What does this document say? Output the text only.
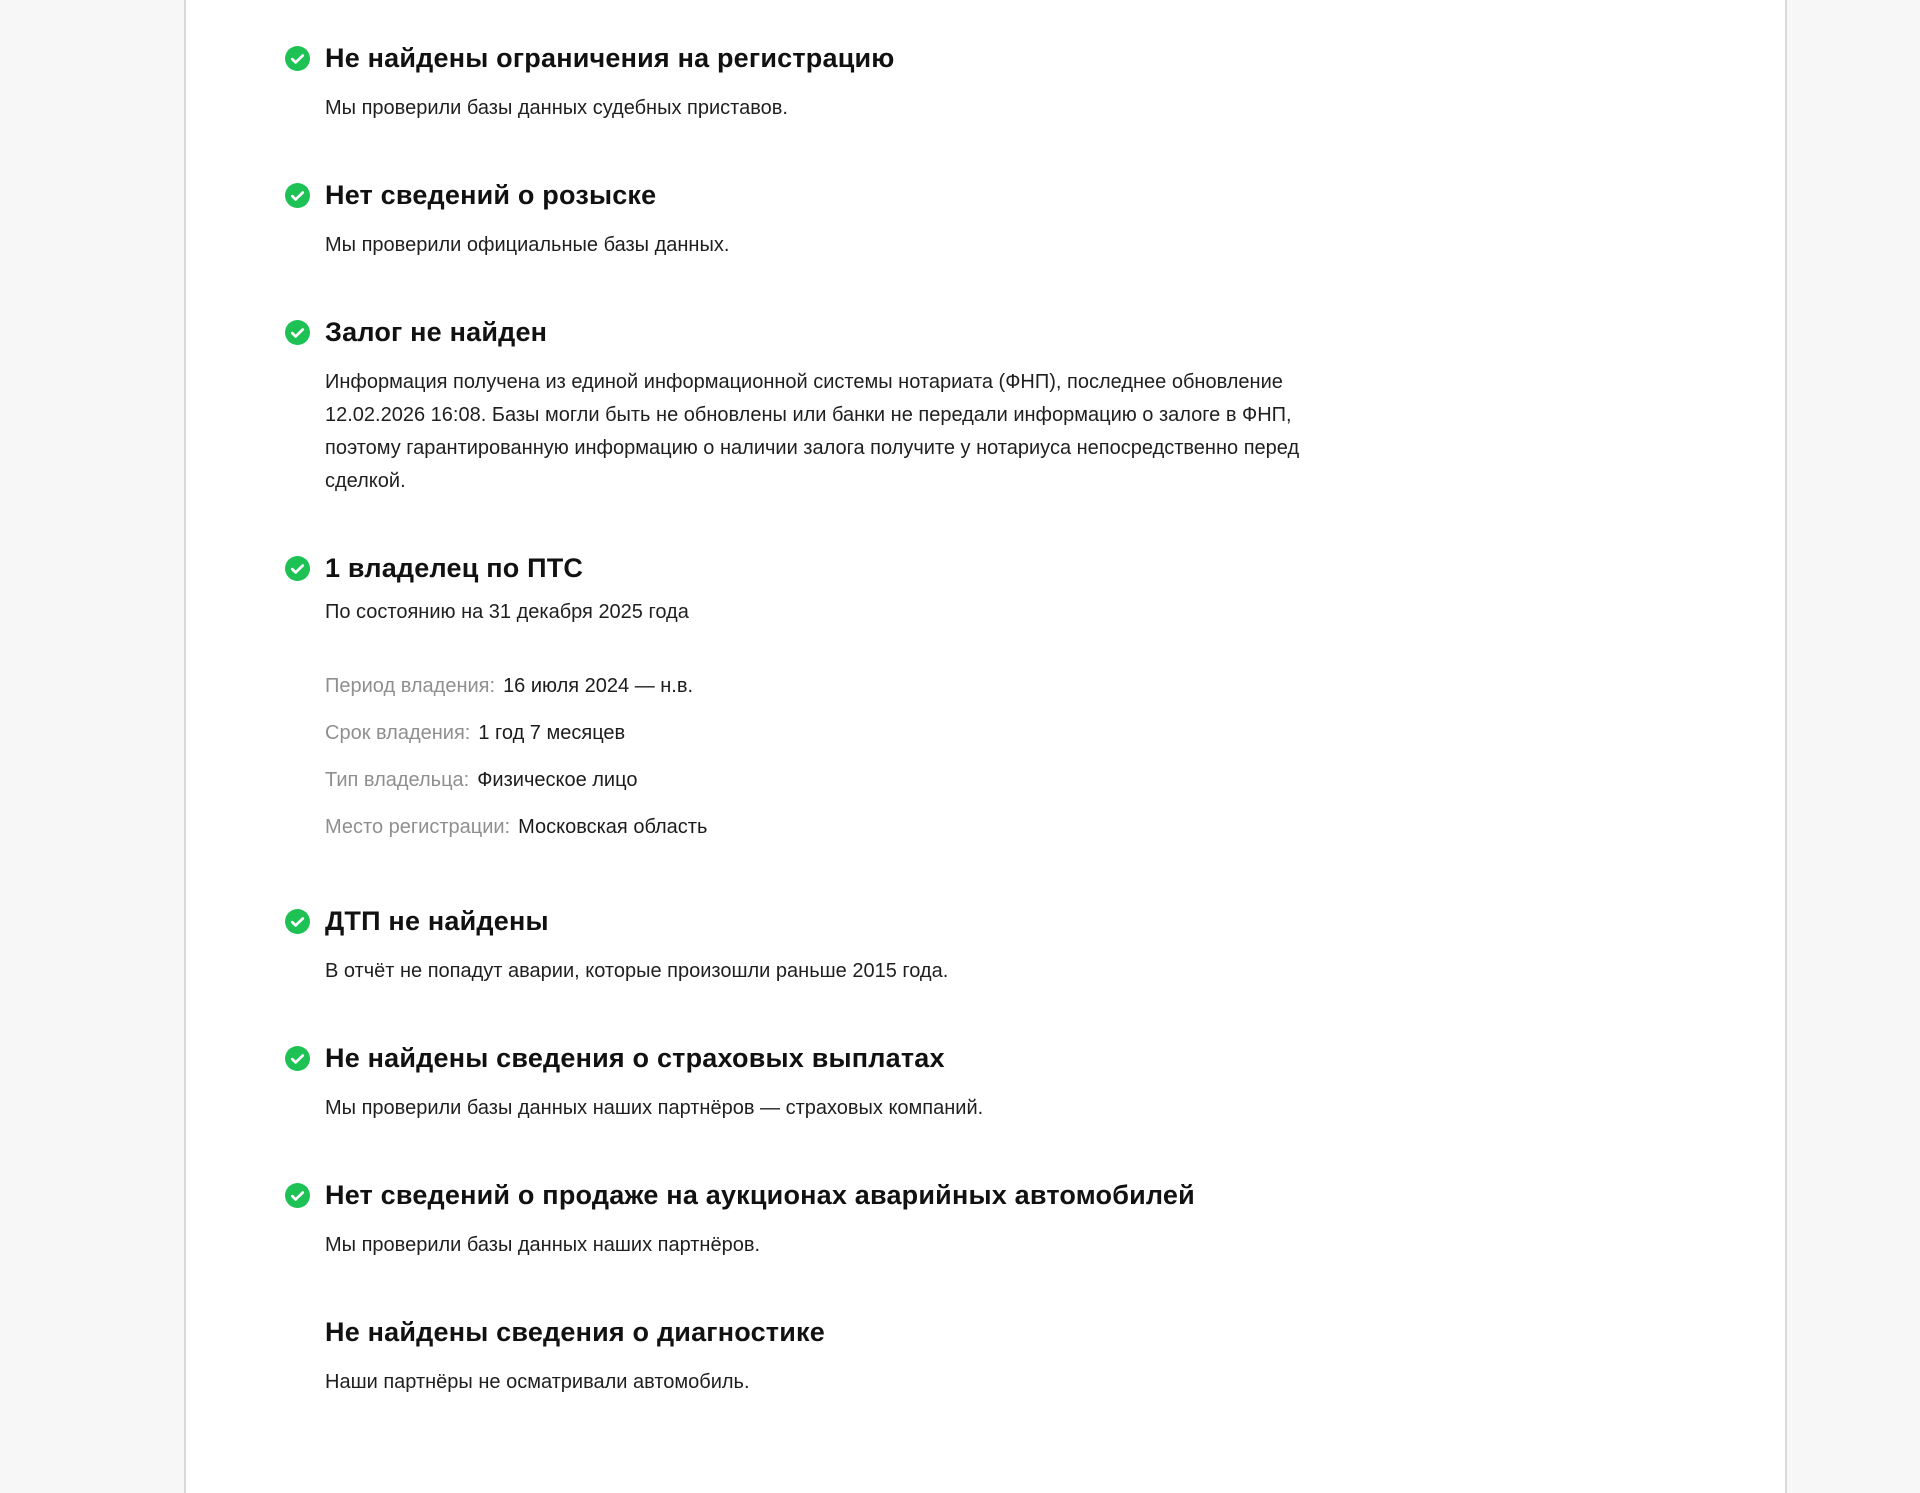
Не найдены ограничения на регистрацию

Мы проверили базы данных судебных приставов.

Нет сведений о розыске

Мы проверили официальные базы данных.

Залог не найден

Информация получена из единой информационной системы нотариата (ФНП), последнее обновление 12.02.2026 16:08. Базы могли быть не обновлены или банки не передали информацию о залоге в ФНП, поэтому гарантированную информацию о наличии залога получите у нотариуса непосредственно перед сделкой.

1 владелец по ПТС

По состоянию на 31 декабря 2025 года

Период владения: 16 июля 2024 — н.в.
Срок владения: 1 год 7 месяцев
Тип владельца: Физическое лицо
Место регистрации: Московская область
ДТП не найдены

В отчёт не попадут аварии, которые произошли раньше 2015 года.

Не найдены сведения о страховых выплатах

Мы проверили базы данных наших партнёров — страховых компаний.

Нет сведений о продаже на аукционах аварийных автомобилей

Мы проверили базы данных наших партнёров.

Не найдены сведения о диагностике

Наши партнёры не осматривали автомобиль.
